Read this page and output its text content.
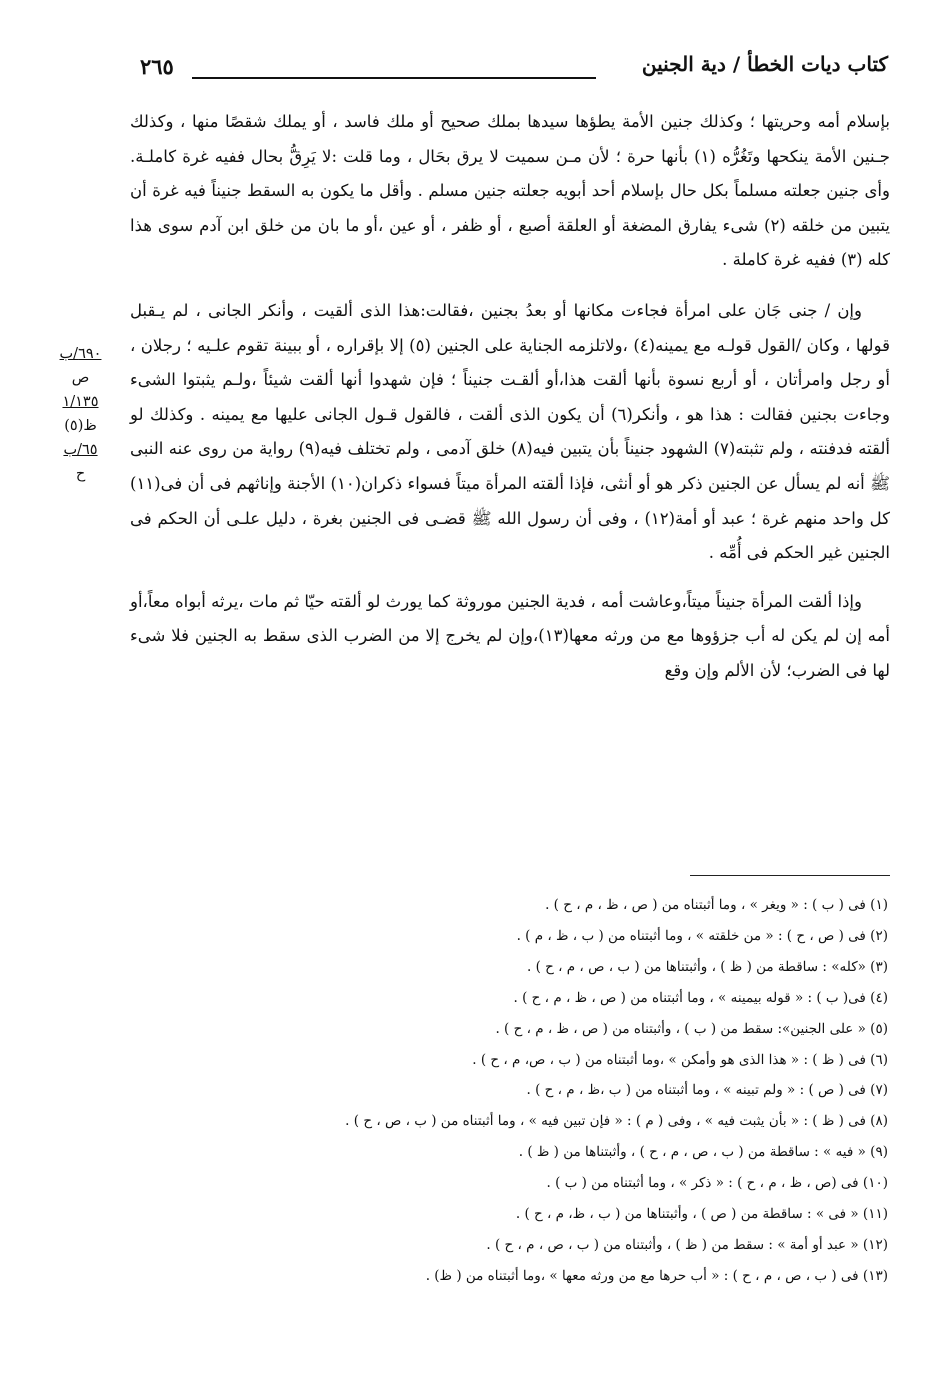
كتاب ديات الخطأ / دية الجنين
٢٦٥

بإسلام أمه وحريتها ؛ وكذلك جنين الأمة يطؤها سيدها بملك صحيح أو ملك فاسد ، أو يملك شقصًا منها ، وكذلك جـنين الأمة ينكحها وتَغُرُّه (١) بأنها حرة ؛ لأن مـن سميت لا يرق بحَال ، وما قلت :لا يَرِقُّ بحال ففيه غرة كاملـة. وأى جنين جعلته مسلماً بكل حال بإسلام أحد أبويه جعلته جنين مسلم . وأقل ما يكون به السقط جنيناً فيه غرة أن يتبين من خلقه (٢) شىء يفارق المضغة أو العلقة أصبع ، أو ظفر ، أو عين ،أو ما بان من خلق ابن آدم سوى هذا كله (٣) ففيه غرة كاملة .

وإن / جنى جَان على امرأة فجاءت مكانها أو بعدُ بجنين ،فقالت:هذا الذى ألقيت ، وأنكر الجانى ، لم يـقبل قولها ، وكان /القول قولـه مع يمينه(٤) ،ولاتلزمه الجناية على الجنين (٥) إلا بإقراره ، أو ببينة تقوم علـيه ؛ رجلان ، أو رجل وامرأتان ، أو أربع نسوة بأنها ألقت هذا،أو ألقـت جنيناً ؛ فإن شهدوا أنها ألقت شيئاً ،ولـم يثبتوا الشىء وجاءت بجنين فقالت : هذا هو ، وأنكر(٦) أن يكون الذى ألقت ، فالقول قـول الجانى عليها مع يمينه . وكذلك لو ألقته فدفنته ، ولم تثبته(٧) الشهود جنيناً بأن يتبين فيه(٨) خلق آدمى ، ولم تختلف فيه(٩) رواية من روى عنه النبى ﷺ أنه لم يسأل عن الجنين ذكر هو أو أنثى، فإذا ألقته المرأة ميتاً فسواء ذكران(١٠) الأجنة وإناثهم فى أن فى(١١) كل واحد منهم غرة ؛ عبد أو أمة(١٢) ، وفى أن رسول الله ﷺ قضـى فى الجنين بغرة ، دليل علـى أن الحكم فى الجنين غير الحكم فى أُمِّه .

وإذا ألقت المرأة جنيناً ميتاً،وعاشت أمه ، فدية الجنين موروثة كما يورث لو ألقته حيّا ثم مات ،يرثه أبواه معاً،أو أمه إن لم يكن له أب جزؤوها مع من ورثه معها(١٣)،وإن لم يخرج إلا من الضرب الذى سقط به الجنين فلا شىء لها فى الضرب؛ لأن الألم وإن وقع

٦٩٠/ب
ص
١/١٣٥
ظ(٥)
٦٥/ب
ح
(١) فى ( ب ) : « ويغر » ، وما أثبتناه من ( ص ، ظ ، م ، ح ) .
(٢) فى ( ص ، ح ) : « من خلقته » ، وما أثبتناه من ( ب ، ظ ، م ) .
(٣) «كله» : ساقطة من ( ظ ) ، وأثبتناها من ( ب ، ص ، م ، ح ) .
(٤) فى( ب ) : « قوله بيمينه » ، وما أثبتناه من ( ص ، ظ ، م ، ح ) .
(٥) « على الجنين»: سقط من ( ب ) ، وأثبتناه من ( ص ، ظ ، م ، ح ) .
(٦) فى ( ظ ) : « هذا الذى هو وأمكن » ،وما أثبتناه من ( ب ، ص، م ، ح ) .
(٧) فى ( ص ) : « ولم تبينه » ، وما أثبتناه من ( ب ،ظ ، م ، ح ) .
(٨) فى ( ظ ) : « بأن يثبت فيه » ، وفى ( م ) : « فإن تبين فيه » ، وما أثبتناه من ( ب ، ص ، ح ) .
(٩) « فيه » : ساقطة من ( ب ، ص ، م ، ح ) ، وأثبتناها من ( ظ ) .
(١٠) فى (ص ، ظ ، م ، ح ) : « ذكر » ، وما أثبتناه من ( ب ) .
(١١) « فى » : ساقطة من ( ص ) ، وأثبتناها من ( ب ، ظ، م ، ح ) .
(١٢) « عبد أو أمة » : سقط من ( ظ ) ، وأثبتناه من ( ب ، ص ، م ، ح ) .
(١٣) فى ( ب ، ص ، م ، ح ) : « أب حرها مع من ورثه معها » ،وما أثبتناه من ( ظ) .
